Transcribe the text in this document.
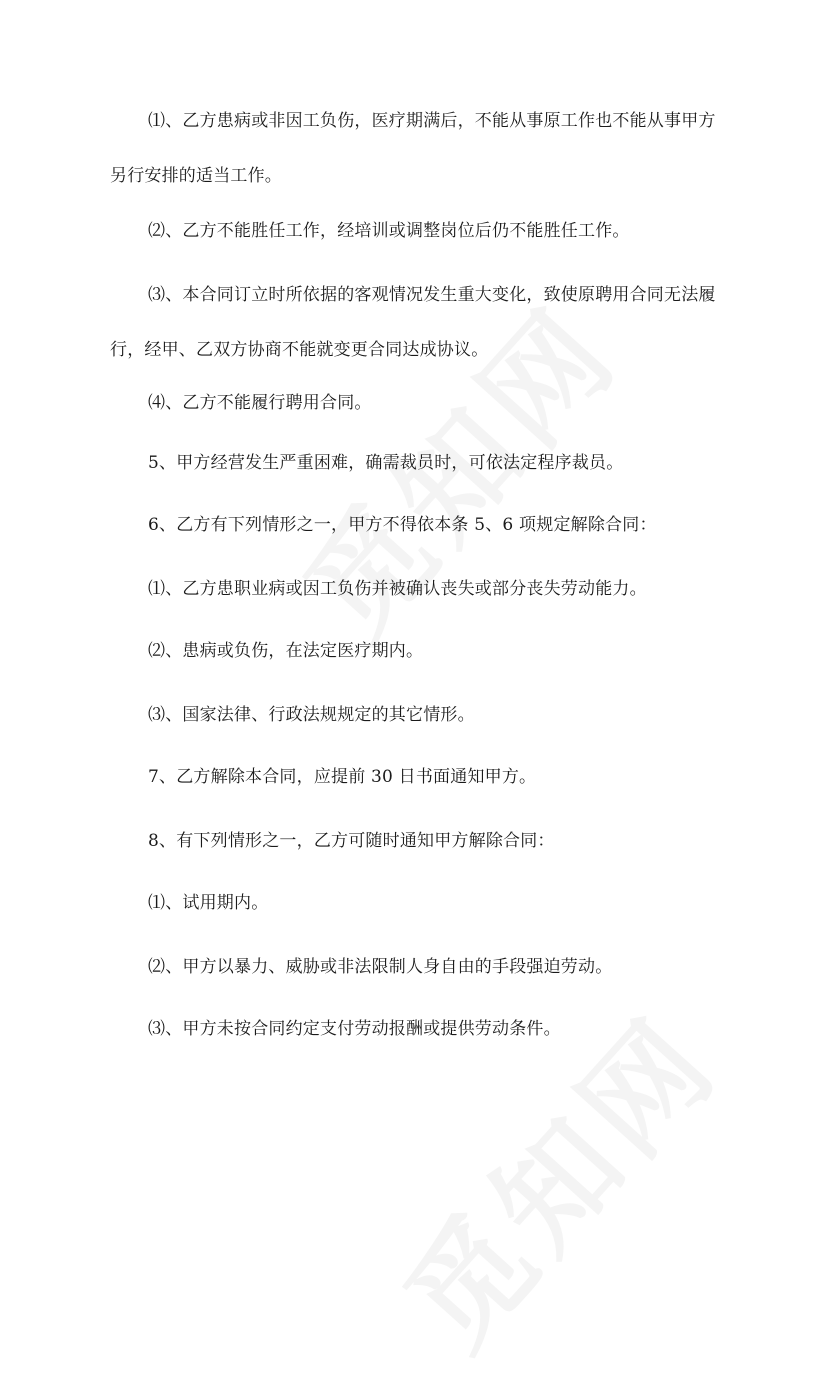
⑴、乙方患病或非因工负伤，医疗期满后，不能从事原工作也不能从事甲方另行安排的适当工作。

⑵、乙方不能胜任工作，经培训或调整岗位后仍不能胜任工作。

⑶、本合同订立时所依据的客观情况发生重大变化，致使原聘用合同无法履行，经甲、乙双方协商不能就变更合同达成协议。

⑷、乙方不能履行聘用合同。

5、甲方经营发生严重困难，确需裁员时，可依法定程序裁员。

6、乙方有下列情形之一，甲方不得依本条 5、6 项规定解除合同：

⑴、乙方患职业病或因工负伤并被确认丧失或部分丧失劳动能力。

⑵、患病或负伤，在法定医疗期内。

⑶、国家法律、行政法规规定的其它情形。

7、乙方解除本合同，应提前 30 日书面通知甲方。

8、有下列情形之一，乙方可随时通知甲方解除合同：

⑴、试用期内。

⑵、甲方以暴力、威胁或非法限制人身自由的手段强迫劳动。

⑶、甲方未按合同约定支付劳动报酬或提供劳动条件。
